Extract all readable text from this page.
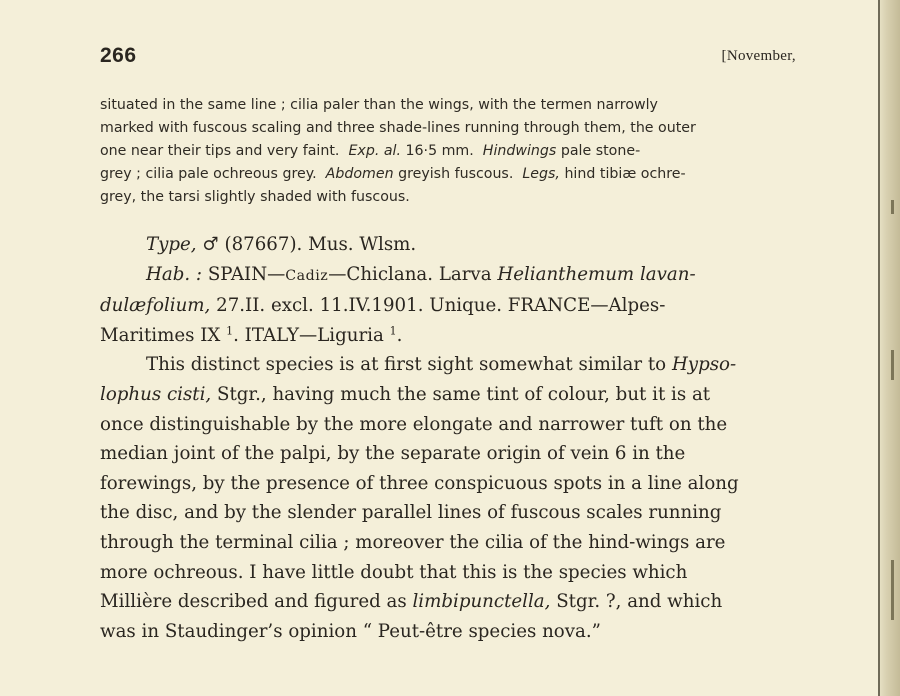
266	[November,
situated in the same line ; cilia paler than the wings, with the termen narrowly
marked with fuscous scaling and three shade-lines running through them, the outer
one near their tips and very faint. Exp. al. 16·5 mm. Hindwings pale stone-
grey ; cilia pale ochreous grey. Abdomen greyish fuscous. Legs, hind tibiæ ochre-
grey, the tarsi slightly shaded with fuscous.
Type, ♂ (87667). Mus. Wlsm.
Hab. : SPAIN—Cadiz—Chiclana. Larva Helianthemum lavan-
dulæfolium, 27.II. excl. 11.IV.1901. Unique. FRANCE—Alpes-
Maritimes IX $^1$. ITALY—Liguria $^1$.
This distinct species is at first sight somewhat similar to Hypso-
lophus cisti, Stgr., having much the same tint of colour, but it is at
once distinguishable by the more elongate and narrower tuft on the
median joint of the palpi, by the separate origin of vein 6 in the
forewings, by the presence of three conspicuous spots in a line along
the disc, and by the slender parallel lines of fuscous scales running
through the terminal cilia ; moreover the cilia of the hind-wings are
more ochreous. I have little doubt that this is the species which
Millière described and figured as limbipunctella, Stgr. ?, and which
was in Staudinger’s opinion “ Peut-être species nova.”
